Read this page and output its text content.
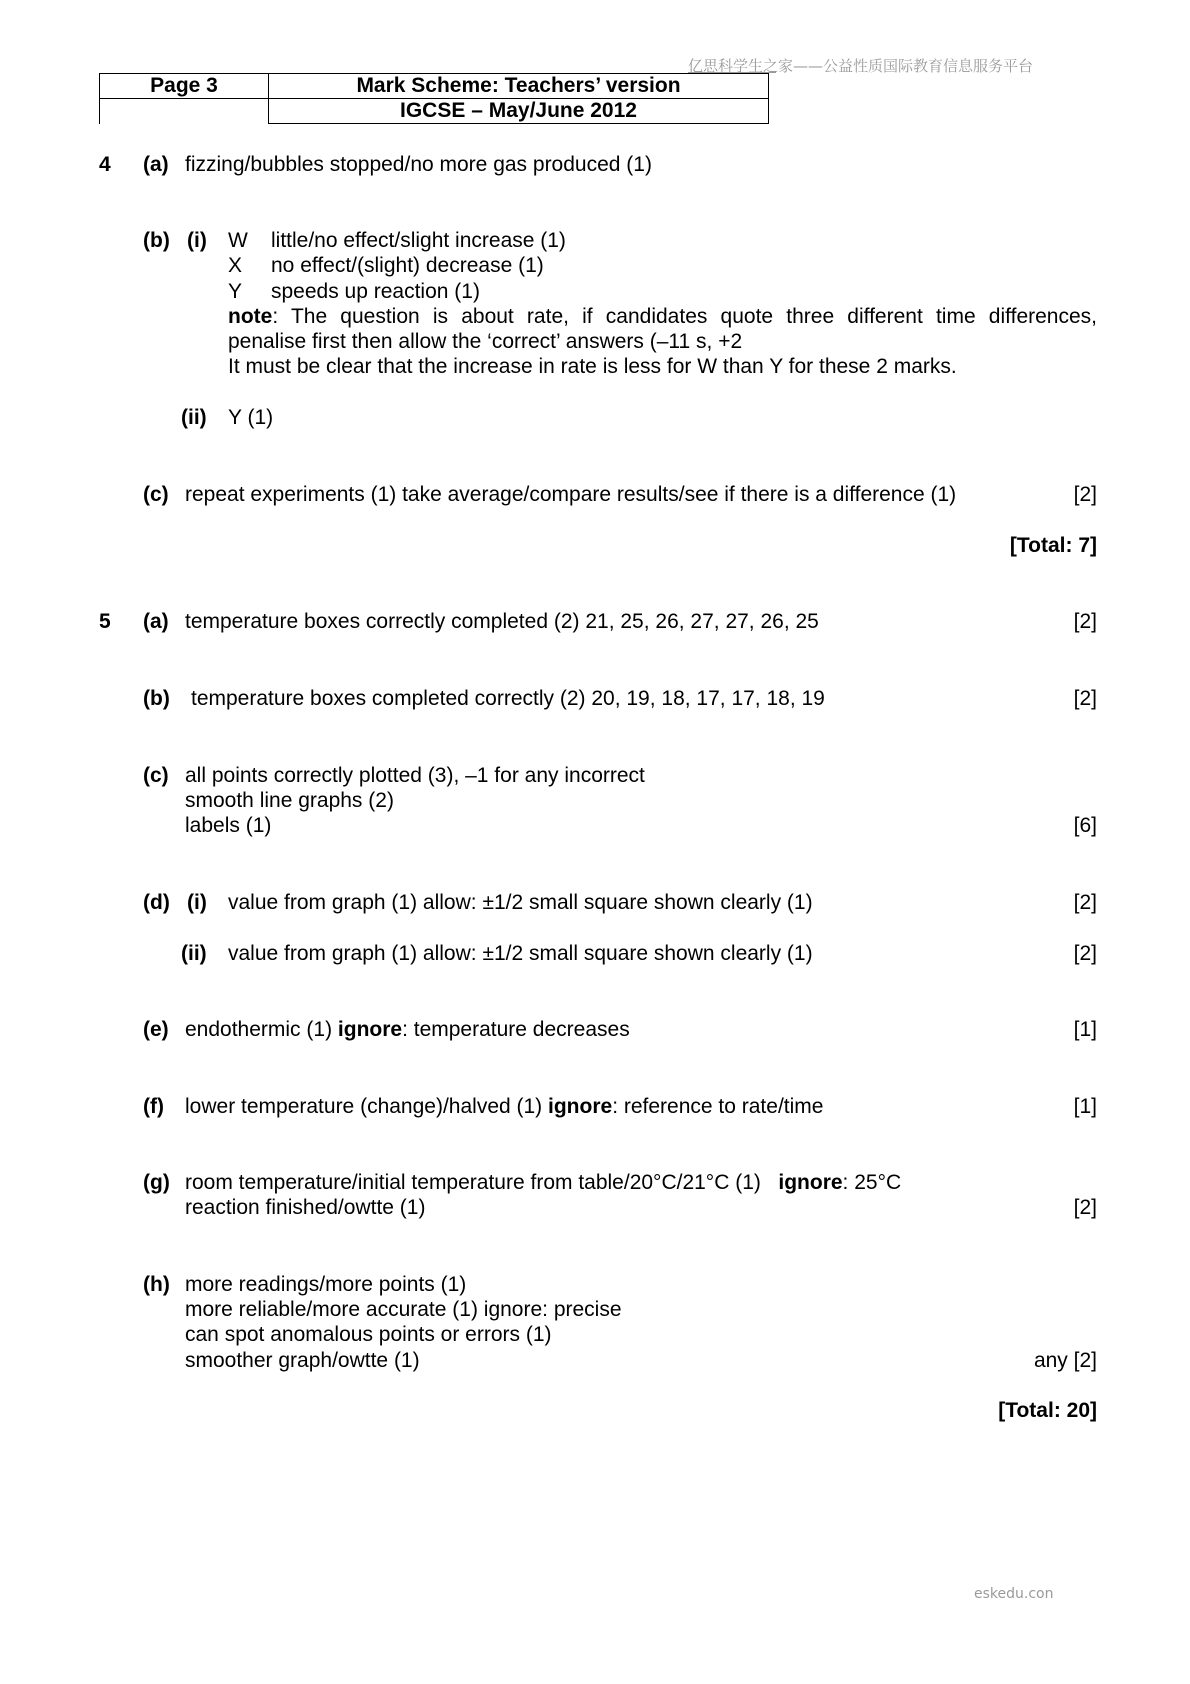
亿思科学生之家——公益性质国际教育信息服务平台
Page 3	Mark Scheme: Teachers’ version
	IGCSE – May/June 2012
4 (a) fizzing/bubbles stopped/no more gas produced (1)
(b) (i) W little/no effect/slight increase (1)
X no effect/(slight) decrease (1)
Y speeds up reaction (1)
note: The question is about rate, if candidates quote three different time differences,
penalise first then allow the ‘correct’ answers (–11 s, +2
It must be clear that the increase in rate is less for W than Y for these 2 marks.
(ii) Y (1)
(c) repeat experiments (1) take average/compare results/see if there is a difference (1)	[2]
[Total: 7]
5 (a) temperature boxes correctly completed (2) 21, 25, 26, 27, 27, 26, 25	[2]
(b) temperature boxes completed correctly (2) 20, 19, 18, 17, 17, 18, 19	[2]
(c) all points correctly plotted (3), –1 for any incorrect
smooth line graphs (2)
labels (1)	[6]
(d) (i) value from graph (1) allow: ±1/2 small square shown clearly (1)	[2]
(ii) value from graph (1) allow: ±1/2 small square shown clearly (1)	[2]
(e) endothermic (1) ignore: temperature decreases	[1]
(f) lower temperature (change)/halved (1) ignore: reference to rate/time	[1]
(g) room temperature/initial temperature from table/20°C/21°C (1)   ignore: 25°C
reaction finished/owtte (1)	[2]
(h) more readings/more points (1)
more reliable/more accurate (1) ignore: precise
can spot anomalous points or errors (1)
smoother graph/owtte (1)	any [2]
[Total: 20]
eskedu.con
